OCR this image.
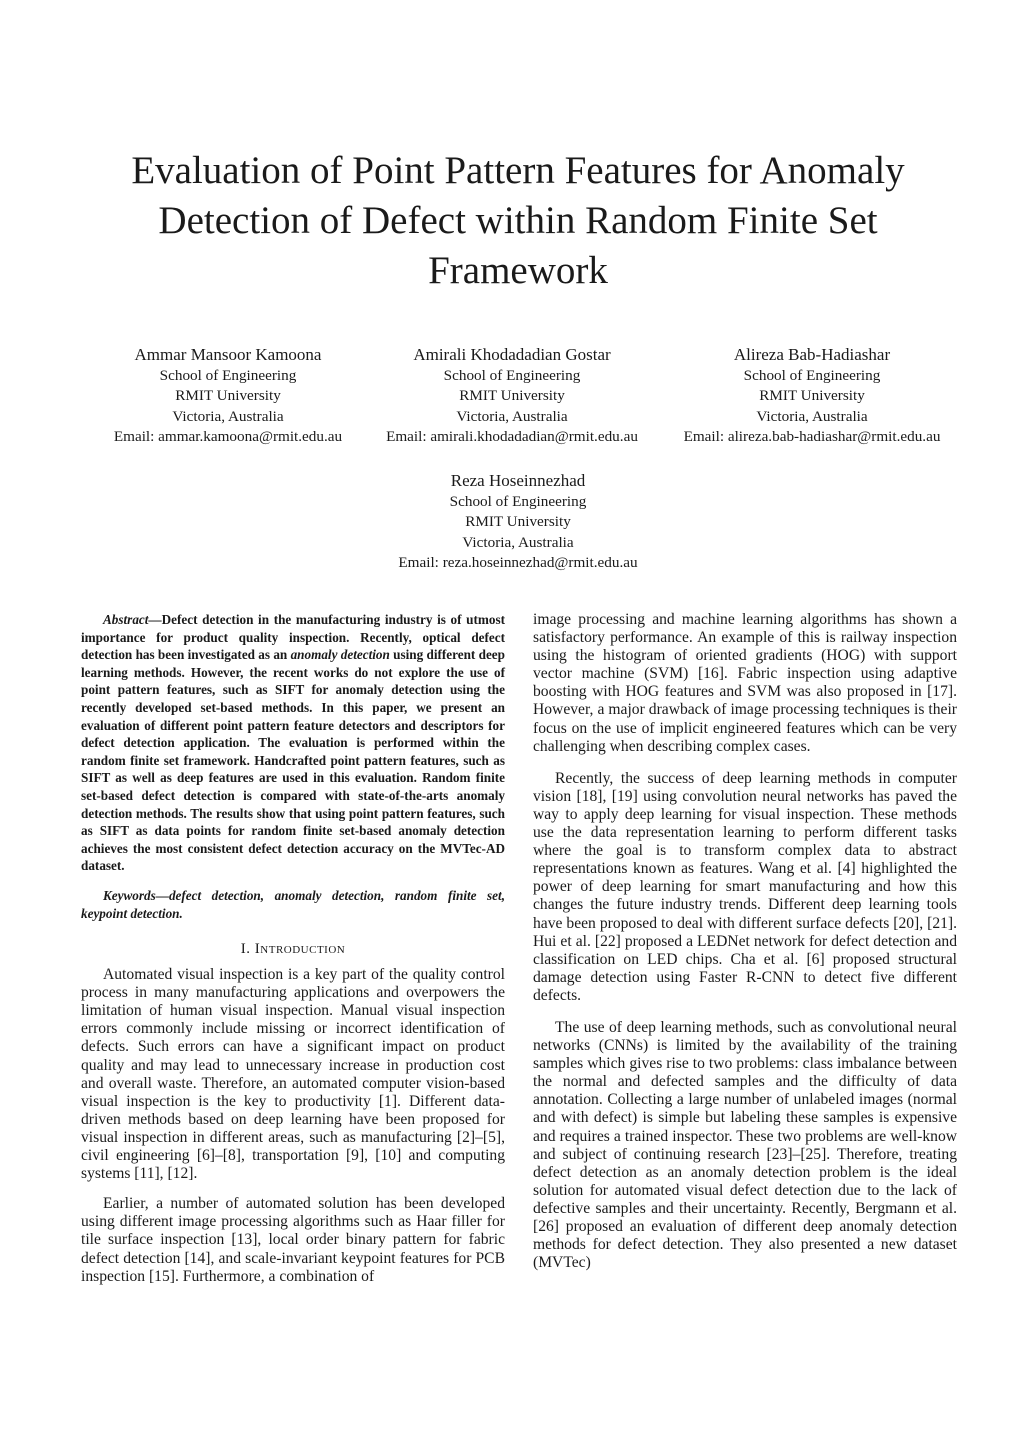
Evaluation of Point Pattern Features for Anomaly Detection of Defect within Random Finite Set Framework
Ammar Mansoor Kamoona
School of Engineering
RMIT University
Victoria, Australia
Email: ammar.kamoona@rmit.edu.au
Amirali Khodadadian Gostar
School of Engineering
RMIT University
Victoria, Australia
Email: amirali.khodadadian@rmit.edu.au
Alireza Bab-Hadiashar
School of Engineering
RMIT University
Victoria, Australia
Email: alireza.bab-hadiashar@rmit.edu.au
Reza Hoseinnezhad
School of Engineering
RMIT University
Victoria, Australia
Email: reza.hoseinnezhad@rmit.edu.au

Abstract—Defect detection in the manufacturing industry is of utmost importance for product quality inspection. Recently, optical defect detection has been investigated as an anomaly detection using different deep learning methods. However, the recent works do not explore the use of point pattern features, such as SIFT for anomaly detection using the recently developed set-based methods. In this paper, we present an evaluation of different point pattern feature detectors and descriptors for defect detection application. The evaluation is performed within the random finite set framework. Handcrafted point pattern features, such as SIFT as well as deep features are used in this evaluation. Random finite set-based defect detection is compared with state-of-the-arts anomaly detection methods. The results show that using point pattern features, such as SIFT as data points for random finite set-based anomaly detection achieves the most consistent defect detection accuracy on the MVTec-AD dataset.

Keywords—defect detection, anomaly detection, random finite set, keypoint detection.

I. Introduction

Automated visual inspection is a key part of the quality control process in many manufacturing applications and overpowers the limitation of human visual inspection. Manual visual inspection errors commonly include missing or incorrect identification of defects. Such errors can have a significant impact on product quality and may lead to unnecessary increase in production cost and overall waste. Therefore, an automated computer vision-based visual inspection is the key to productivity [1]. Different data-driven methods based on deep learning have been proposed for visual inspection in different areas, such as manufacturing [2]–[5], civil engineering [6]–[8], transportation [9], [10] and computing systems [11], [12].

Earlier, a number of automated solution has been developed using different image processing algorithms such as Haar filler for tile surface inspection [13], local order binary pattern for fabric defect detection [14], and scale-invariant keypoint features for PCB inspection [15]. Furthermore, a combination of

image processing and machine learning algorithms has shown a satisfactory performance. An example of this is railway inspection using the histogram of oriented gradients (HOG) with support vector machine (SVM) [16]. Fabric inspection using adaptive boosting with HOG features and SVM was also proposed in [17]. However, a major drawback of image processing techniques is their focus on the use of implicit engineered features which can be very challenging when describing complex cases.

Recently, the success of deep learning methods in computer vision [18], [19] using convolution neural networks has paved the way to apply deep learning for visual inspection. These methods use the data representation learning to perform different tasks where the goal is to transform complex data to abstract representations known as features. Wang et al. [4] highlighted the power of deep learning for smart manufacturing and how this changes the future industry trends. Different deep learning tools have been proposed to deal with different surface defects [20], [21]. Hui et al. [22] proposed a LEDNet network for defect detection and classification on LED chips. Cha et al. [6] proposed structural damage detection using Faster R-CNN to detect five different defects.

The use of deep learning methods, such as convolutional neural networks (CNNs) is limited by the availability of the training samples which gives rise to two problems: class imbalance between the normal and defected samples and the difficulty of data annotation. Collecting a large number of unlabeled images (normal and with defect) is simple but labeling these samples is expensive and requires a trained inspector. These two problems are well-know and subject of continuing research [23]–[25]. Therefore, treating defect detection as an anomaly detection problem is the ideal solution for automated visual defect detection due to the lack of defective samples and their uncertainty. Recently, Bergmann et al. [26] proposed an evaluation of different deep anomaly detection methods for defect detection. They also presented a new dataset (MVTec)
